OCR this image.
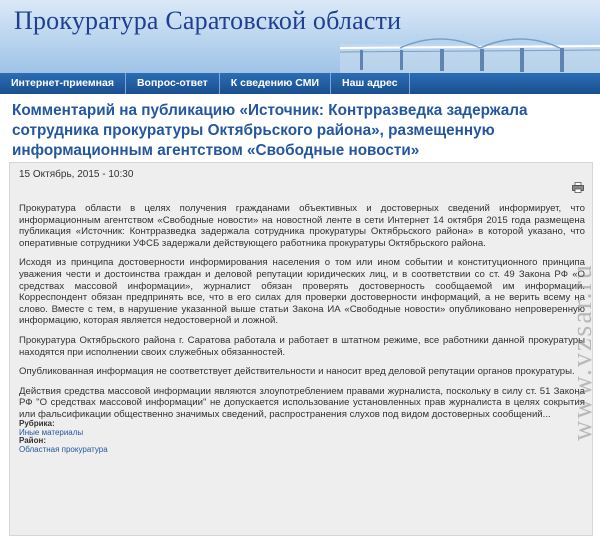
Прокуратура Саратовской области
Интернет-приемная	Вопрос-ответ	К сведению СМИ	Наш адрес
Комментарий на публикацию «Источник: Контрразведка задержала сотрудника прокуратуры Октябрьского района», размещенную информационным агентством «Свободные новости»
15 Октябрь, 2015 - 10:30

Прокуратура области в целях получения гражданами объективных и достоверных сведений информирует, что информационным агентством «Свободные новости» на новостной ленте в сети Интернет 14 октября 2015 года размещена публикация «Источник: Контрразведка задержала сотрудника прокуратуры Октябрьского района» в которой указано, что оперативные сотрудники УФСБ задержали действующего работника прокуратуры Октябрьского района.

Исходя из принципа достоверности информирования населения о том или ином событии и конституционного принципа уважения чести и достоинства граждан и деловой репутации юридических лиц, и в соответствии со ст. 49 Закона РФ «О средствах массовой информации», журналист обязан проверять достоверность сообщаемой им информации. Корреспондент обязан предпринять все, что в его силах для проверки достоверности информаций, а не верить всему на слово. Вместе с тем, в нарушение указанной выше статьи Закона ИА «Свободные новости» опубликовано непроверенную информацию, которая является недостоверной и ложной.

Прокуратура Октябрьского района г. Саратова работала и работает в штатном режиме, все работники данной прокуратуры находятся при исполнении своих служебных обязанностей.

Опубликованная информация не соответствует действительности и наносит вред деловой репутации органов прокуратуры.

Действия средства массовой информации являются злоупотреблением правами журналиста, поскольку в силу ст. 51 Закона РФ "О средствах массовой информации" не допускается использование установленных прав журналиста в целях сокрытия или фальсификации общественно значимых сведений, распространения слухов под видом достоверных сообщений...

Рубрика:
Иные материалы
Район:
Областная прокуратура
www.vzsar.ru
